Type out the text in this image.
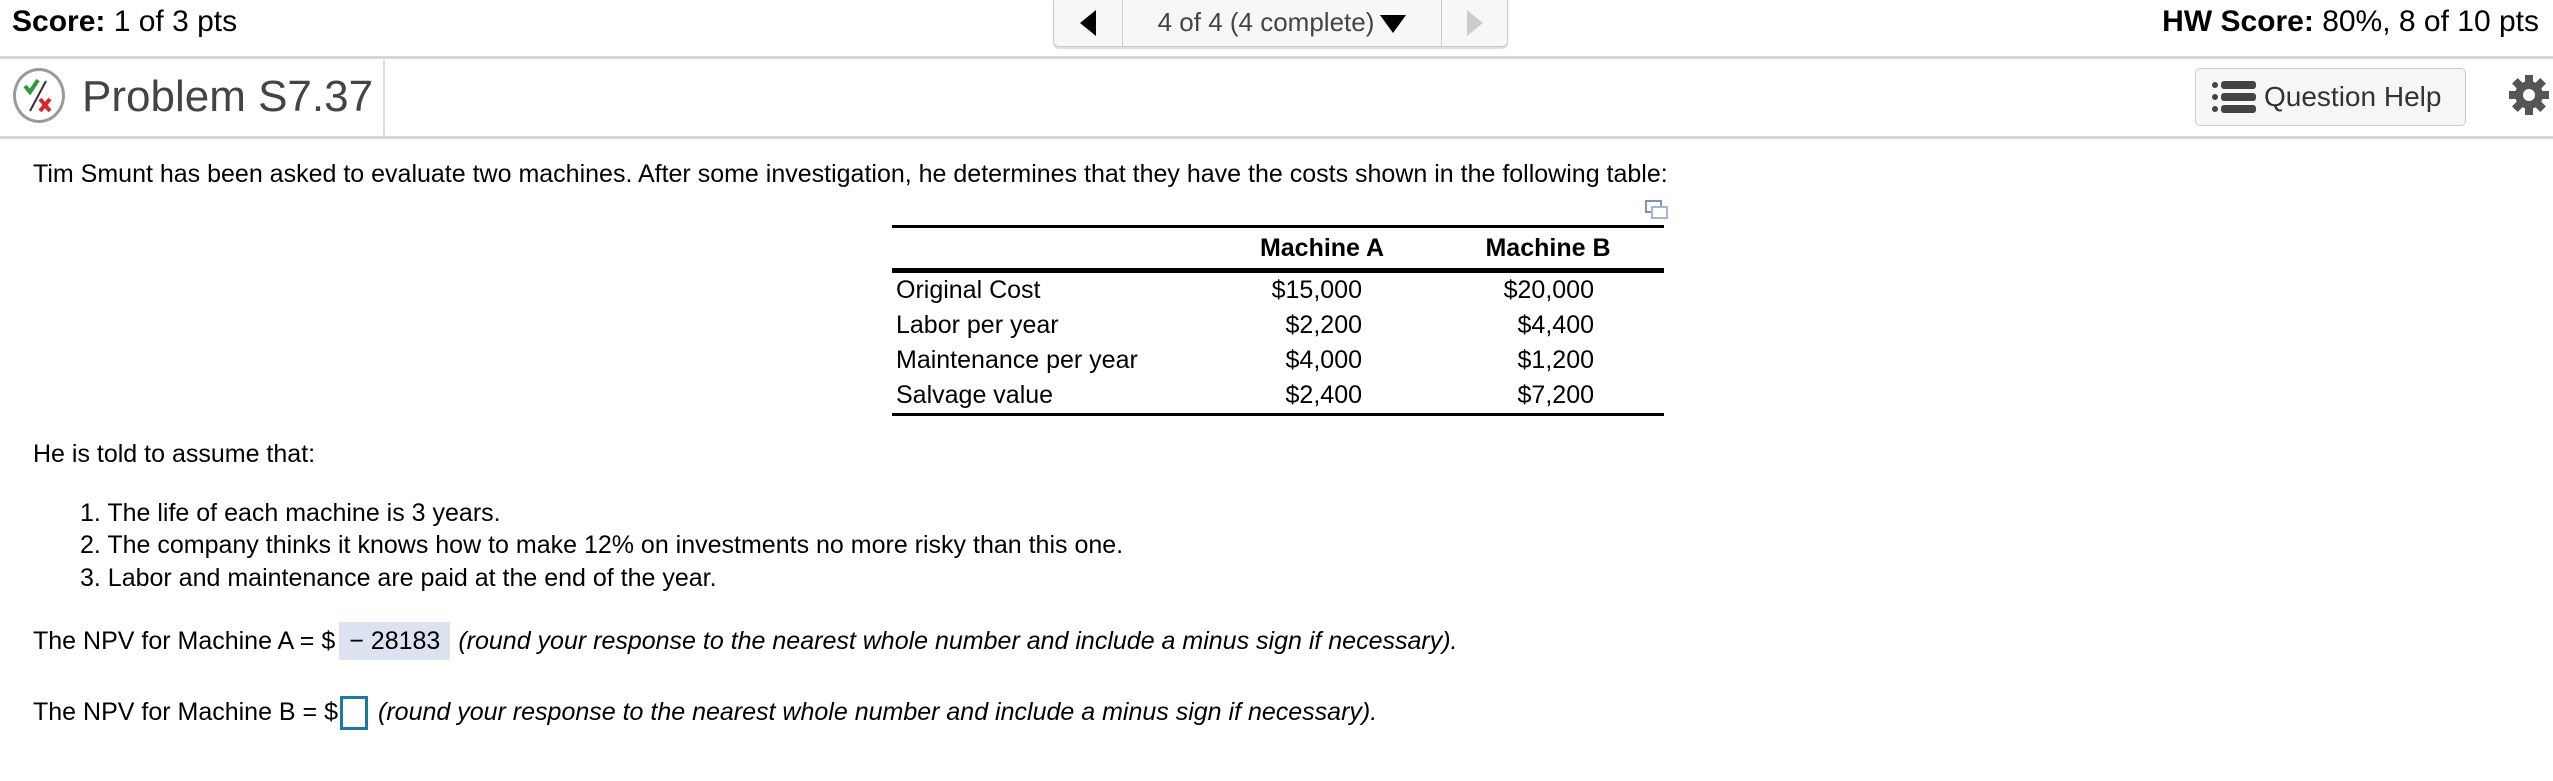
Score: 1 of 3 pts	4 of 4 (4 complete)	HW Score: 80%, 8 of 10 pts
Problem S7.37	Question Help
Tim Smunt has been asked to evaluate two machines. After some investigation, he determines that they have the costs shown in the following table:
	Machine A	Machine B
Original Cost	$15,000	$20,000
Labor per year	$2,200	$4,400
Maintenance per year	$4,000	$1,200
Salvage value	$2,400	$7,200
He is told to assume that:
1. The life of each machine is 3 years.
2. The company thinks it knows how to make 12% on investments no more risky than this one.
3. Labor and maintenance are paid at the end of the year.
The NPV for Machine A = $ − 28183 (round your response to the nearest whole number and include a minus sign if necessary).
The NPV for Machine B = $ (round your response to the nearest whole number and include a minus sign if necessary).
